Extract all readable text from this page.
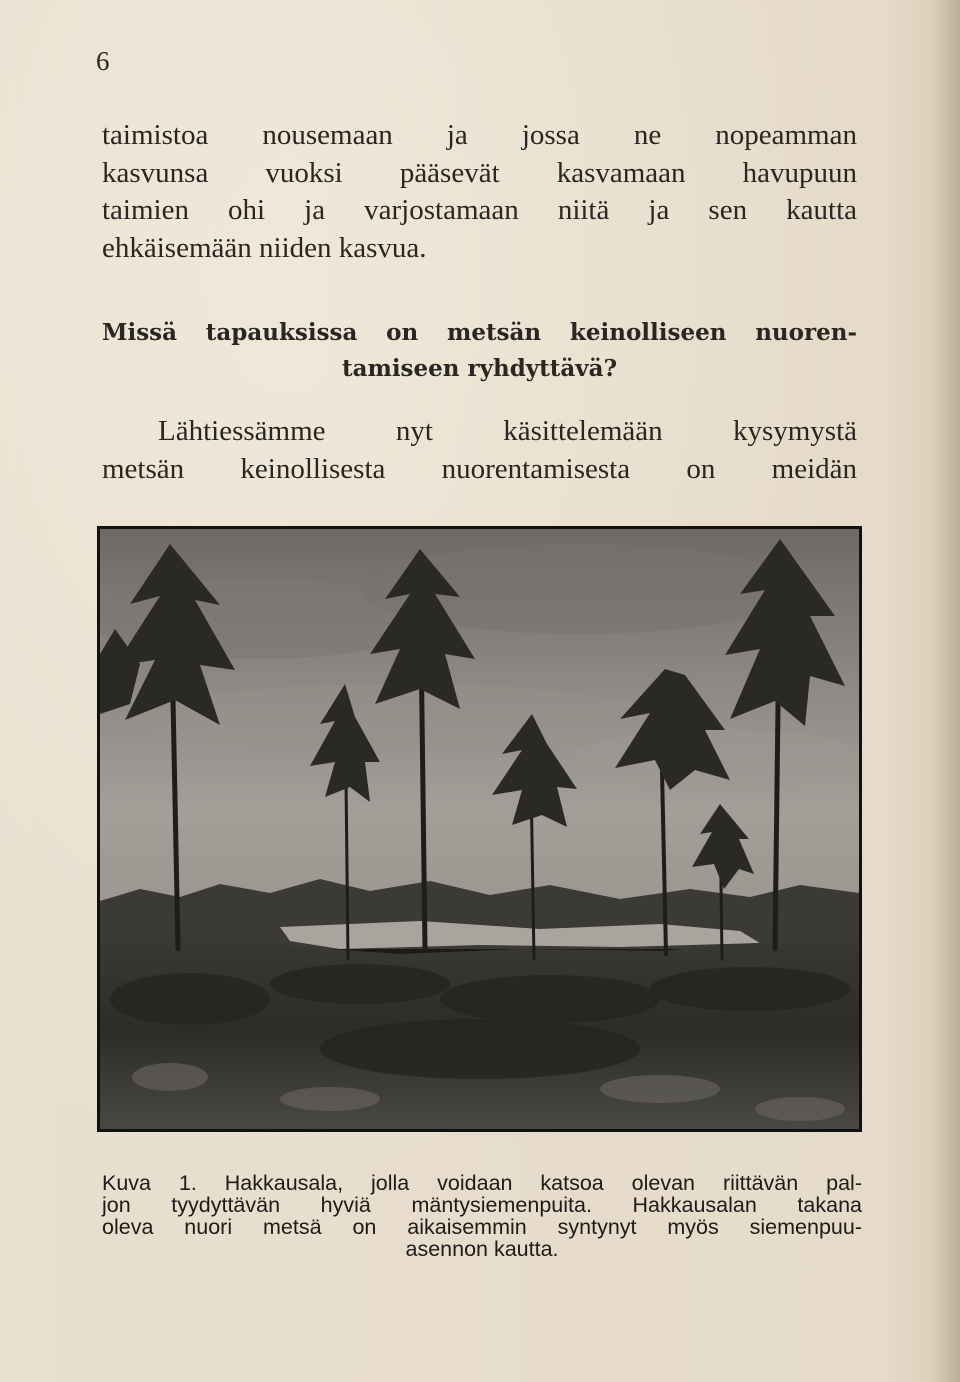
6
taimistoa nousemaan ja jossa ne nopeamman
kasvunsa vuoksi pääsevät kasvamaan havupuun
taimien ohi ja varjostamaan niitä ja sen kautta
ehkäisemään niiden kasvua.
Missä tapauksissa on metsän keinolliseen nuoren-
tamiseen ryhdyttävä?
Lähtiessämme nyt käsittelemään kysymystä
metsän keinollisesta nuorentamisesta on meidän
Kuva 1. Hakkausala, jolla voidaan katsoa olevan riittävän pal-
jon tyydyttävän hyviä mäntysiemenpuita. Hakkausalan takana
oleva nuori metsä on aikaisemmin syntynyt myös siemenpuu-
asennon kautta.
